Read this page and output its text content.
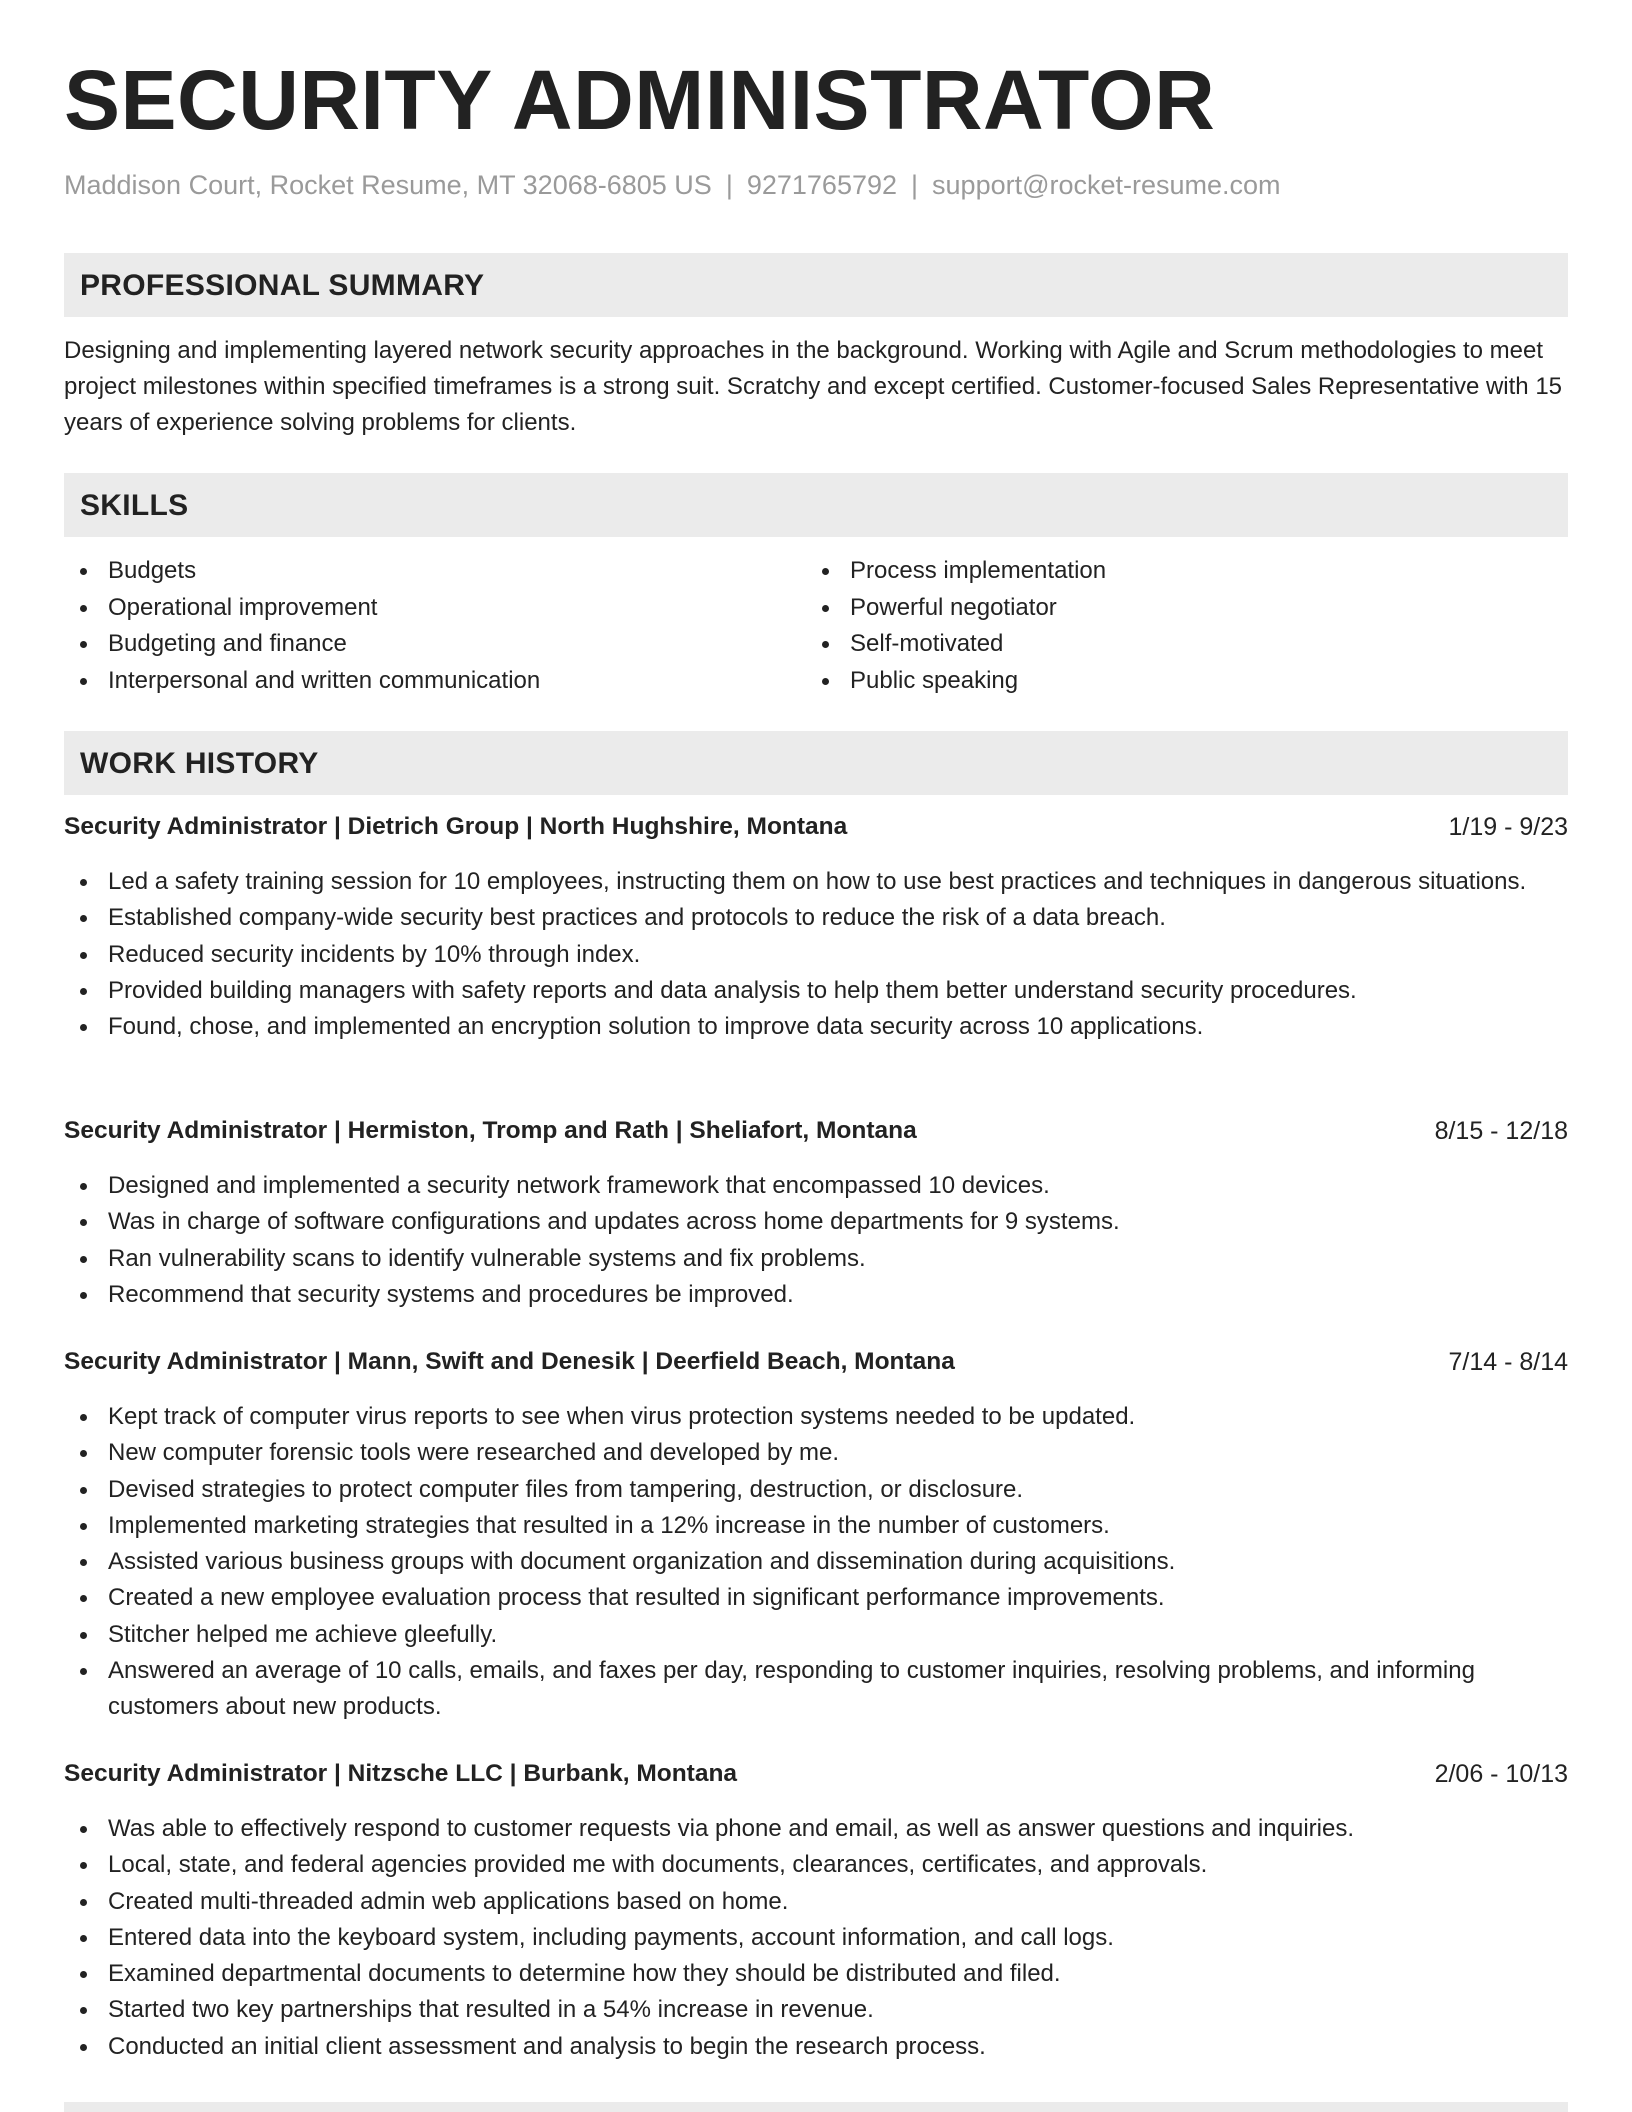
SECURITY ADMINISTRATOR
Maddison Court, Rocket Resume, MT 32068-6805 US | 9271765792 | support@rocket-resume.com
PROFESSIONAL SUMMARY

Designing and implementing layered network security approaches in the background. Working with Agile and Scrum methodologies to meet project milestones within specified timeframes is a strong suit. Scratchy and except certified. Customer-focused Sales Representative with 15 years of experience solving problems for clients.

SKILLS
Budgets
Operational improvement
Budgeting and finance
Interpersonal and written communication
Process implementation
Powerful negotiator
Self-motivated
Public speaking
WORK HISTORY
Security Administrator | Dietrich Group | North Hughshire, Montana	1/19 - 9/23
Led a safety training session for 10 employees, instructing them on how to use best practices and techniques in dangerous situations.
Established company-wide security best practices and protocols to reduce the risk of a data breach.
Reduced security incidents by 10% through index.
Provided building managers with safety reports and data analysis to help them better understand security procedures.
Found, chose, and implemented an encryption solution to improve data security across 10 applications.
Security Administrator | Hermiston, Tromp and Rath | Sheliafort, Montana	8/15 - 12/18
Designed and implemented a security network framework that encompassed 10 devices.
Was in charge of software configurations and updates across home departments for 9 systems.
Ran vulnerability scans to identify vulnerable systems and fix problems.
Recommend that security systems and procedures be improved.
Security Administrator | Mann, Swift and Denesik | Deerfield Beach, Montana	7/14 - 8/14
Kept track of computer virus reports to see when virus protection systems needed to be updated.
New computer forensic tools were researched and developed by me.
Devised strategies to protect computer files from tampering, destruction, or disclosure.
Implemented marketing strategies that resulted in a 12% increase in the number of customers.
Assisted various business groups with document organization and dissemination during acquisitions.
Created a new employee evaluation process that resulted in significant performance improvements.
Stitcher helped me achieve gleefully.
Answered an average of 10 calls, emails, and faxes per day, responding to customer inquiries, resolving problems, and informing customers about new products.
Security Administrator | Nitzsche LLC | Burbank, Montana	2/06 - 10/13
Was able to effectively respond to customer requests via phone and email, as well as answer questions and inquiries.
Local, state, and federal agencies provided me with documents, clearances, certificates, and approvals.
Created multi-threaded admin web applications based on home.
Entered data into the keyboard system, including payments, account information, and call logs.
Examined departmental documents to determine how they should be distributed and filed.
Started two key partnerships that resulted in a 54% increase in revenue.
Conducted an initial client assessment and analysis to begin the research process.
